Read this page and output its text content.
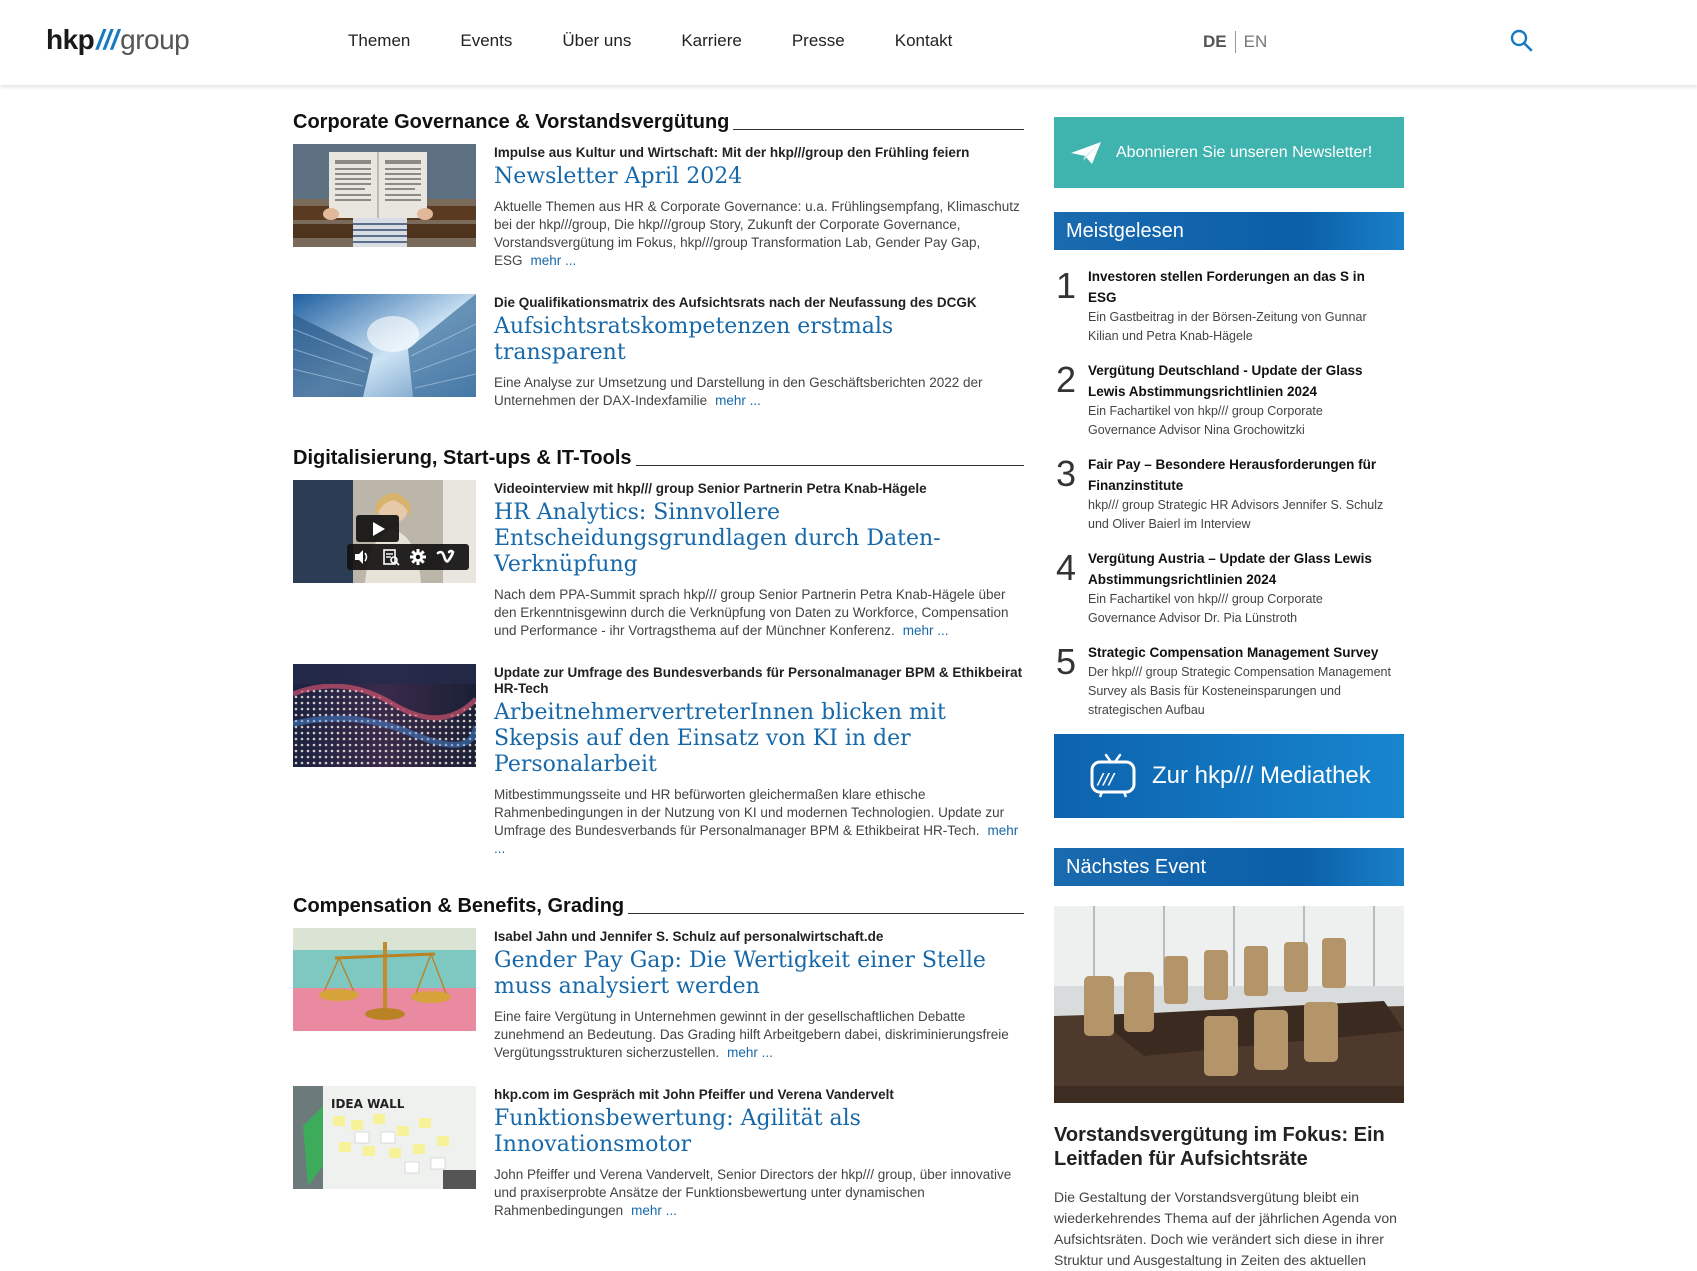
hkp /// group	Themen	Events	Über uns	Karriere	Presse	Kontakt	DE EN
Corporate Governance & Vorstandsvergütung
Impulse aus Kultur und Wirtschaft: Mit der hkp///group den Frühling feiern
Newsletter April 2024
Aktuelle Themen aus HR & Corporate Governance: u.a. Frühlingsempfang, Klimaschutz bei der hkp///group, Die hkp///group Story, Zukunft der Corporate Governance, Vorstandsvergütung im Fokus, hkp///group Transformation Lab, Gender Pay Gap, ESG mehr ...
Die Qualifikationsmatrix des Aufsichtsrats nach der Neufassung des DCGK
Aufsichtsratskompetenzen erstmals transparent
Eine Analyse zur Umsetzung und Darstellung in den Geschäftsberichten 2022 der Unternehmen der DAX-Indexfamilie mehr ...
Digitalisierung, Start-ups & IT-Tools
Videointerview mit hkp/// group Senior Partnerin Petra Knab-Hägele
HR Analytics: Sinnvollere Entscheidungsgrundlagen durch Daten-Verknüpfung
Nach dem PPA-Summit sprach hkp/// group Senior Partnerin Petra Knab-Hägele über den Erkenntnisgewinn durch die Verknüpfung von Daten zu Workforce, Compensation und Performance - ihr Vortragsthema auf der Münchner Konferenz. mehr ...
Update zur Umfrage des Bundesverbands für Personalmanager BPM & Ethikbeirat HR-Tech
ArbeitnehmervertreterInnen blicken mit Skepsis auf den Einsatz von KI in der Personalarbeit
Mitbestimmungsseite und HR befürworten gleichermaßen klare ethische Rahmenbedingungen in der Nutzung von KI und modernen Technologien. Update zur Umfrage des Bundesverbands für Personalmanager BPM & Ethikbeirat HR-Tech. mehr ...
Compensation & Benefits, Grading
Isabel Jahn und Jennifer S. Schulz auf personalwirtschaft.de
Gender Pay Gap: Die Wertigkeit einer Stelle muss analysiert werden
Eine faire Vergütung in Unternehmen gewinnt in der gesellschaftlichen Debatte zunehmend an Bedeutung. Das Grading hilft Arbeitgebern dabei, diskriminierungsfreie Vergütungsstrukturen sicherzustellen. mehr ...
IDEA WALL
hkp.com im Gespräch mit John Pfeiffer und Verena Vandervelt
Funktionsbewertung: Agilität als Innovationsmotor
John Pfeiffer und Verena Vandervelt, Senior Directors der hkp/// group, über innovative und praxiserprobte Ansätze der Funktionsbewertung unter dynamischen Rahmenbedingungen mehr ...
Abonnieren Sie unseren Newsletter!
Meistgelesen
1 Investoren stellen Forderungen an das S in ESG
Ein Gastbeitrag in der Börsen-Zeitung von Gunnar Kilian und Petra Knab-Hägele
2 Vergütung Deutschland - Update der Glass Lewis Abstimmungsrichtlinien 2024
Ein Fachartikel von hkp/// group Corporate Governance Advisor Nina Grochowitzki
3 Fair Pay – Besondere Herausforderungen für Finanzinstitute
hkp/// group Strategic HR Advisors Jennifer S. Schulz und Oliver Baierl im Interview
4 Vergütung Austria – Update der Glass Lewis Abstimmungsrichtlinien 2024
Ein Fachartikel von hkp/// group Corporate Governance Advisor Dr. Pia Lünstroth
5 Strategic Compensation Management Survey
Der hkp/// group Strategic Compensation Management Survey als Basis für Kosteneinsparungen und strategischen Aufbau
/// Zur hkp/// Mediathek
Nächstes Event
Vorstandsvergütung im Fokus: Ein Leitfaden für Aufsichtsräte
Die Gestaltung der Vorstandsvergütung bleibt ein wiederkehrendes Thema auf der jährlichen Agenda von Aufsichtsräten. Doch wie verändert sich diese in ihrer Struktur und Ausgestaltung in Zeiten des aktuellen
